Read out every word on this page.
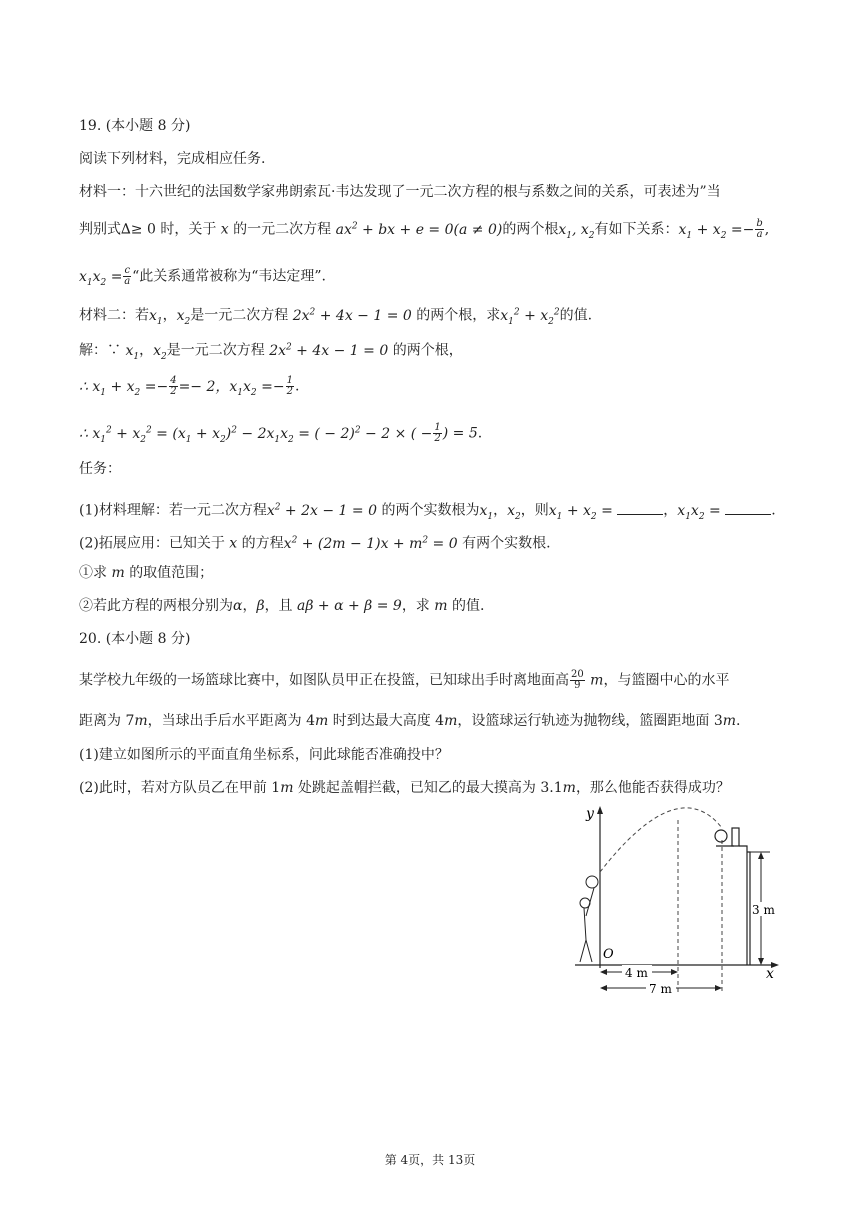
19. (本小题 8 分)
阅读下列材料，完成相应任务.
材料一：十六世纪的法国数学家弗朗索瓦·韦达发现了一元二次方程的根与系数之间的关系，可表述为”当
判别式∆≥ 0 时，关于 x 的一元二次方程 $ax^2$ + bx + e = 0(a ≠ 0)的两个根$x_1$, $x_2$有如下关系：$x_1 + x_2 =- \frac{b}{a}$ ,
$x_1x_2 = \frac{c}{a}$ “此关系通常被称为“韦达定理”.
材料二：若$x_1$，$x_2$是一元二次方程 $2x^2 + 4x - 1 = 0$ 的两个根，求$x_1^2 + x_2^2$的值.
解：∵ $x_1$，$x_2$是一元二次方程 $2x^2 + 4x - 1 = 0$ 的两个根，
∴ $x_1 + x_2 =- \frac{4}{2} =- 2$，$x_1x_2 =- \frac{1}{2}$ .
∴ $x_1^2 + x_2^2 = (x_1 + x_2)^2 - 2x_1x_2$ = ( − 2)$^2$ − 2 × ( − $\frac{1}{2}$ ) = 5.
任务：
(1)材料理解：若一元二次方程$x^2 + 2x - 1 = 0$ 的两个实数根为$x_1$，$x_2$，则$x_1 + x_2$ =	，$x_1x_2$ =	.
(2)拓展应用：已知关于 x 的方程$x^2 + (2m - 1)x + m^2 = 0$ 有两个实数根.
①求 m 的取值范围；
②若此方程的两根分别为α，β，且 aβ + α + β = 9，求 m 的值.
20. (本小题 8 分)
某学校九年级的一场篮球比赛中，如图队员甲正在投篮，已知球出手时离地面高 $\frac{20}{9}$ m，与篮圈中心的水平
距离为 7m，当球出手后水平距离为 4m 时到达最大高度 4m，设篮球运行轨迹为抛物线，篮圈距地面 3m.
(1)建立如图所示的平面直角坐标系，问此球能否准确投中？
(2)此时，若对方队员乙在甲前 1m 处跳起盖帽拦截，已知乙的最大摸高为 3.1m，那么他能否获得成功？
y
x
O
3 m
4 m
7 m
第 4页，共 13页
